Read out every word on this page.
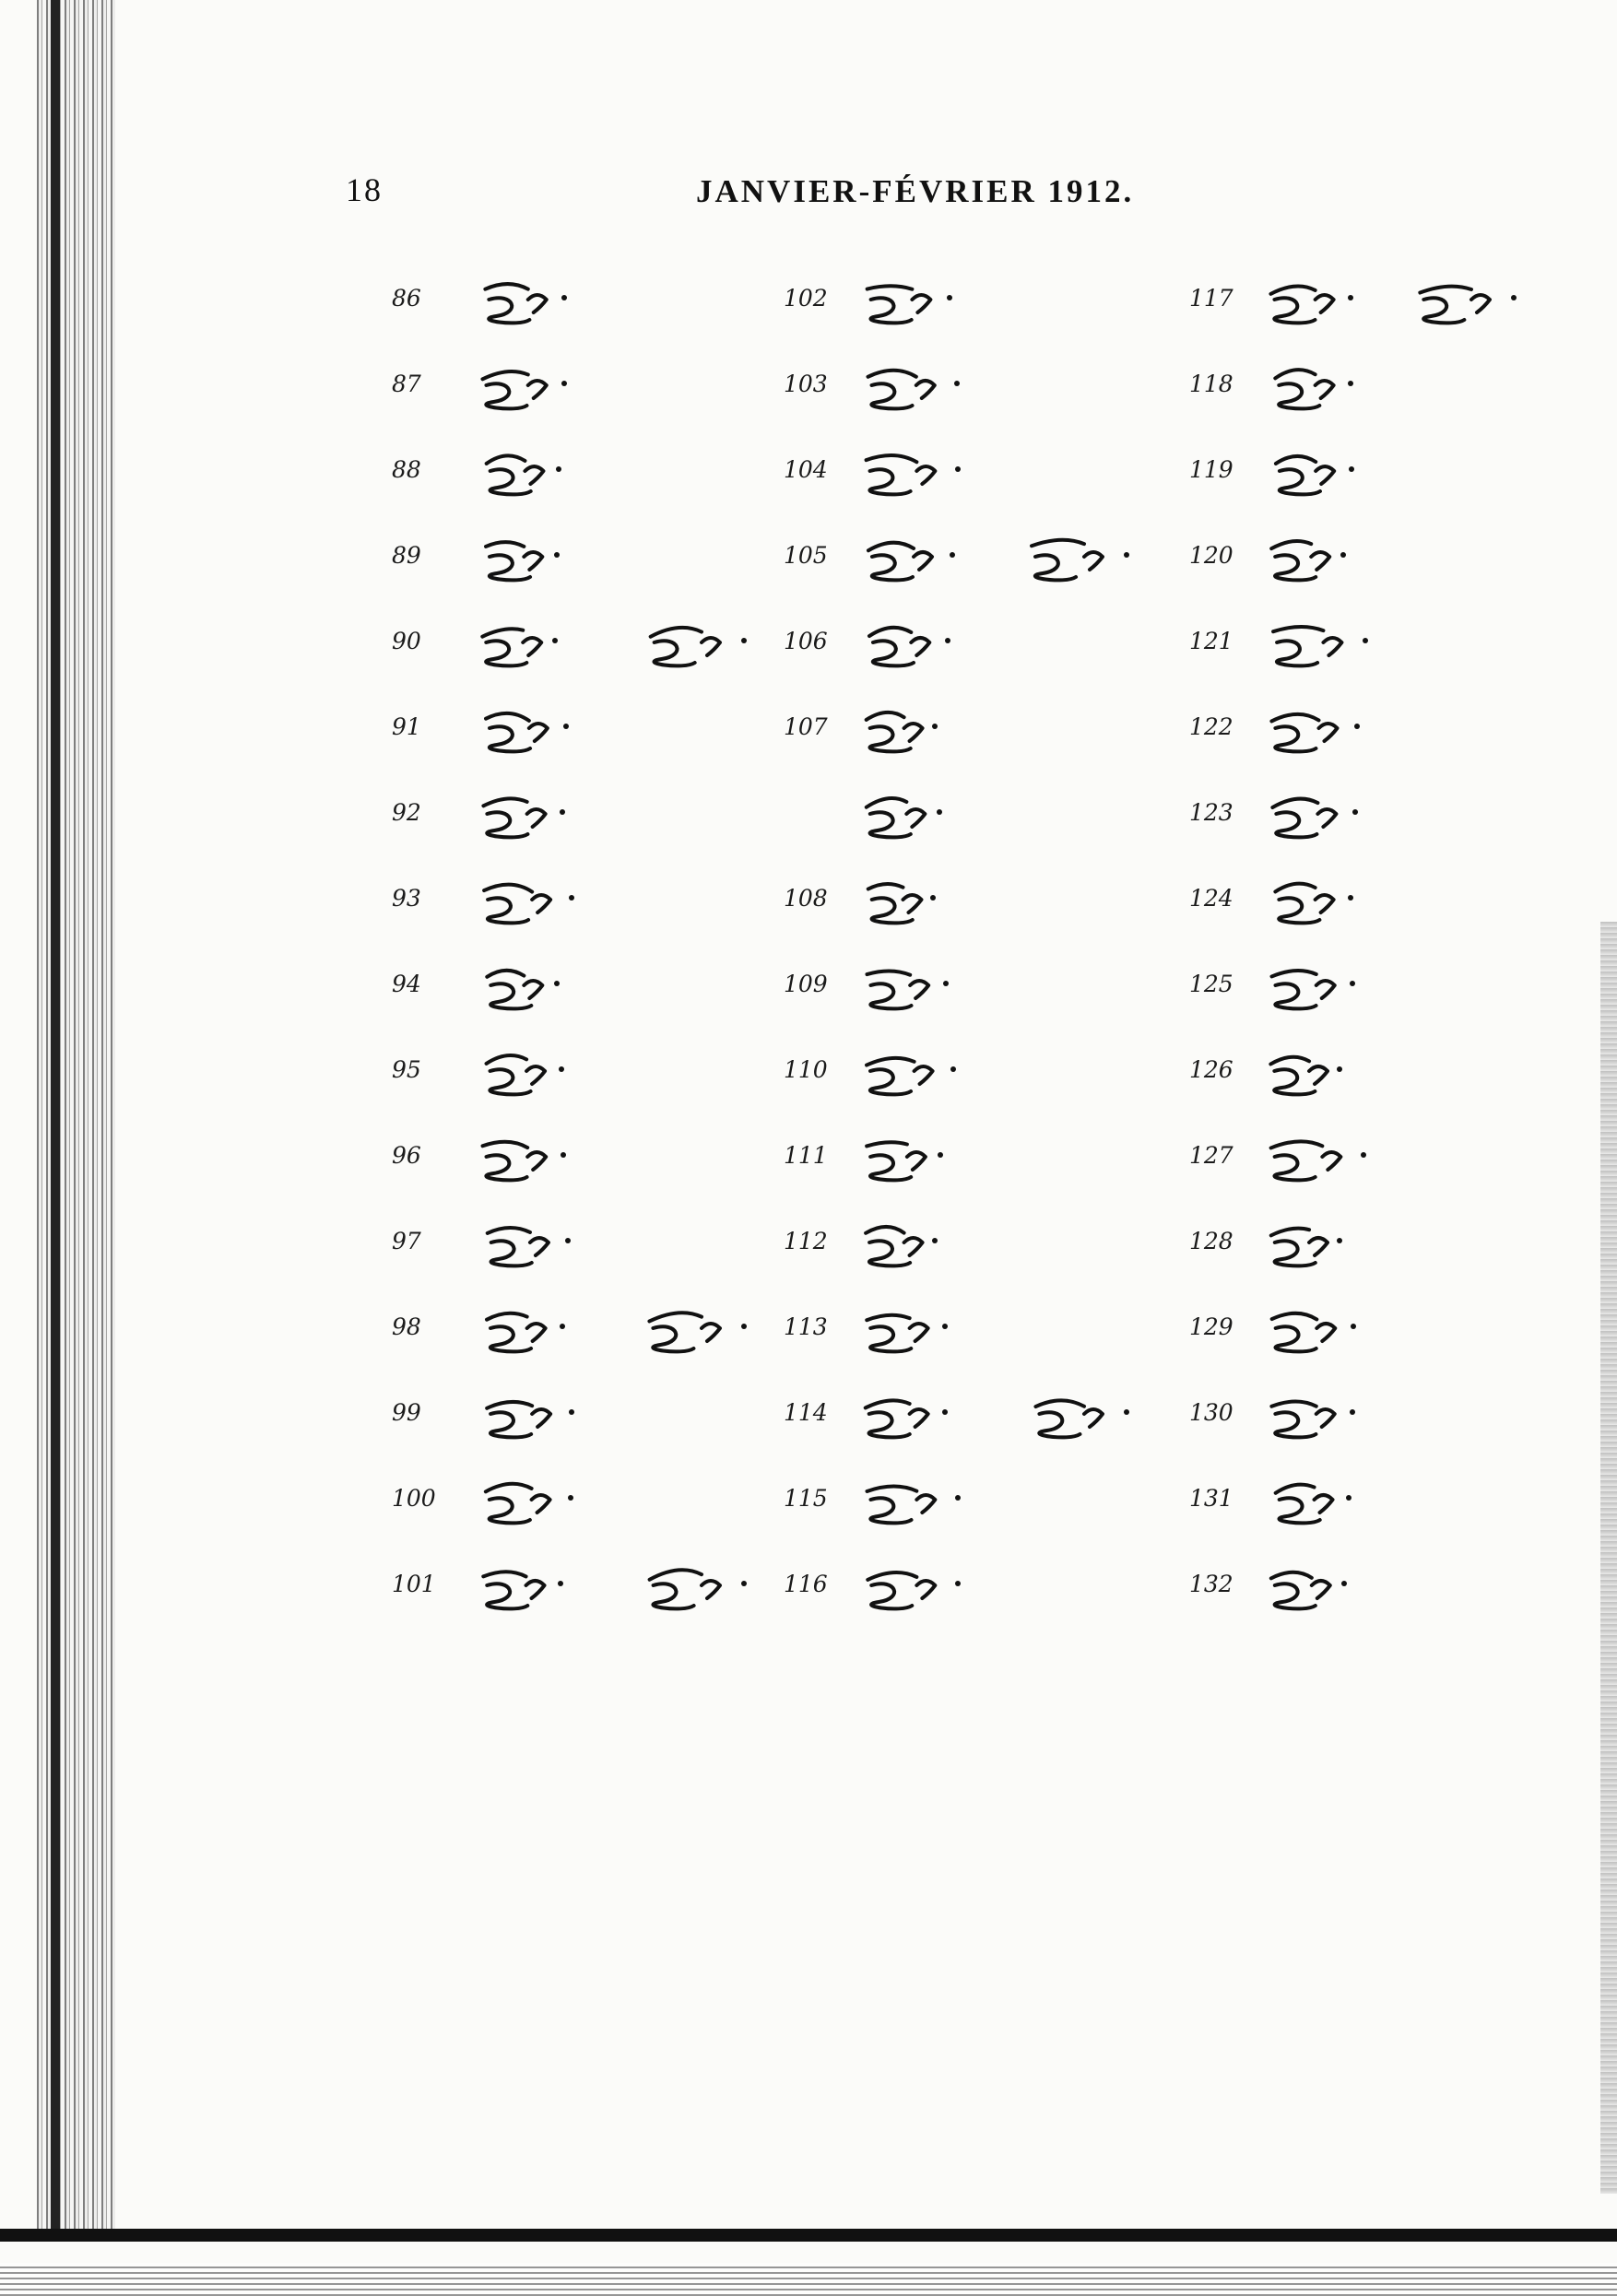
18	JANVIER-FÉVRIER 1912.
86
87
88
89
90
91
92
93
94
95
96
97
98
99
100
101
102
103
104
105
106
107
108
109
110
111
112
113
114
115
116
117
118
119
120
121
122
123
124
125
126
127
128
129
130
131
132
